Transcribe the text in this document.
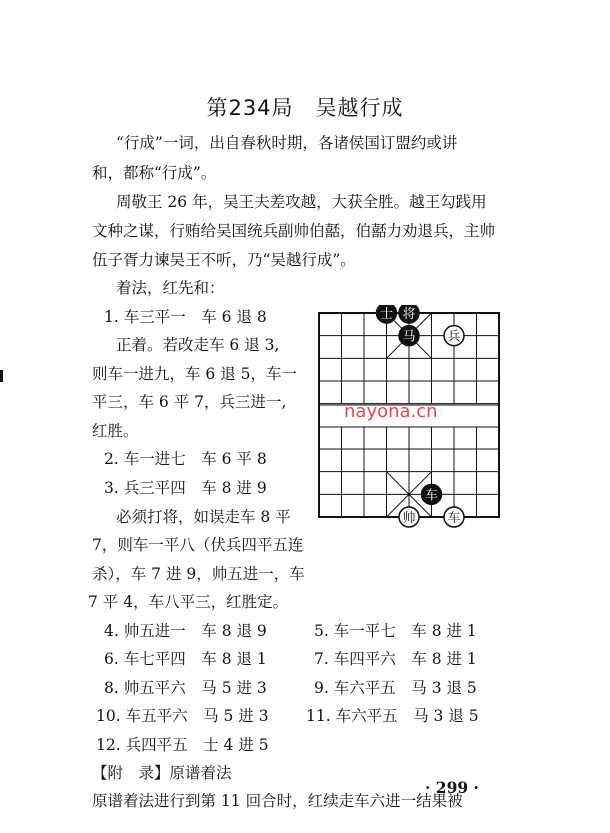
第234局　吴越行成
“行成”一词，出自春秋时期，各诸侯国订盟约或讲
和，都称“行成”。
周敬王 26 年，吴王夫差攻越，大获全胜。越王勾践用
文种之谋，行贿给吴国统兵副帅伯嚭，伯嚭力劝退兵，主帅
伍子胥力谏吴王不听，乃“吴越行成”。
着法，红先和：
1. 车三平一　车 6 退 8
正着。若改走车 6 退 3,
则车一进九，车 6 退 5，车一
平三，车 6 平 7，兵三进一,
红胜。
2. 车一进七　车 6 平 8
3. 兵三平四　车 8 进 9
必须打将，如误走车 8 平
7，则车一平八（伏兵四平五连
杀），车 7 进 9，帅五进一，车
7 平 4，车八平三，红胜定。
4. 帅五进一　 车 8 退 9	5. 车一平七　 车 8 进 1
6. 车七平四　 车 8 退 1	7. 车四平六　 车 8 进 1
8. 帅五平六　 马 5 进 3	9. 车六平五　 马 3 退 5
10. 车五平六　 马 5 进 3 11. 车六平五　 马 3 退 5
12. 兵四平五　 士 4 进 5
【附　录】原谱着法
原谱着法进行到第 11 回合时，红续走车六进一结果被
· 299 ·
nayona.cn
士 将
马 兵
车
帅 车
